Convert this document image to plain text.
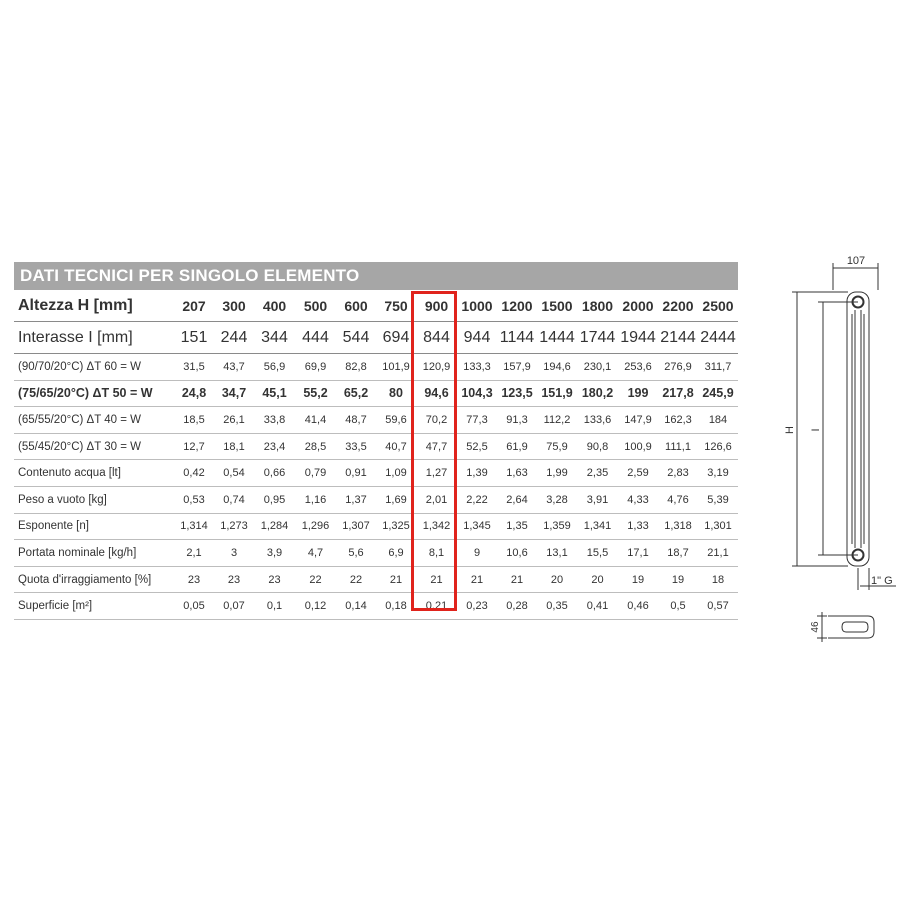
DATI TECNICI PER SINGOLO ELEMENTO
Altezza H [mm]	207	300	400	500	600	750	900	1000	1200	1500	1800	2000	2200	2500
Interasse I [mm]	151	244	344	444	544	694	844	944	1144	1444	1744	1944	2144	2444
(90/70/20°C) ΔT 60 = W	31,5	43,7	56,9	69,9	82,8	101,9	120,9	133,3	157,9	194,6	230,1	253,6	276,9	311,7
(75/65/20°C) ΔT 50 = W	24,8	34,7	45,1	55,2	65,2	80	94,6	104,3	123,5	151,9	180,2	199	217,8	245,9
(65/55/20°C) ΔT 40 = W	18,5	26,1	33,8	41,4	48,7	59,6	70,2	77,3	91,3	112,2	133,6	147,9	162,3	184
(55/45/20°C) ΔT 30 = W	12,7	18,1	23,4	28,5	33,5	40,7	47,7	52,5	61,9	75,9	90,8	100,9	111,1	126,6
Contenuto acqua [lt]	0,42	0,54	0,66	0,79	0,91	1,09	1,27	1,39	1,63	1,99	2,35	2,59	2,83	3,19
Peso a vuoto [kg]	0,53	0,74	0,95	1,16	1,37	1,69	2,01	2,22	2,64	3,28	3,91	4,33	4,76	5,39
Esponente [n]	1,314	1,273	1,284	1,296	1,307	1,325	1,342	1,345	1,35	1,359	1,341	1,33	1,318	1,301
Portata nominale [kg/h]	2,1	3	3,9	4,7	5,6	6,9	8,1	9	10,6	13,1	15,5	17,1	18,7	21,1
Quota d'irraggiamento [%]	23	23	23	22	22	21	21	21	21	20	20	19	19	18
Superficie [m²]	0,05	0,07	0,1	0,12	0,14	0,18	0,21	0,23	0,28	0,35	0,41	0,46	0,5	0,57
107
H I
1" G
46
